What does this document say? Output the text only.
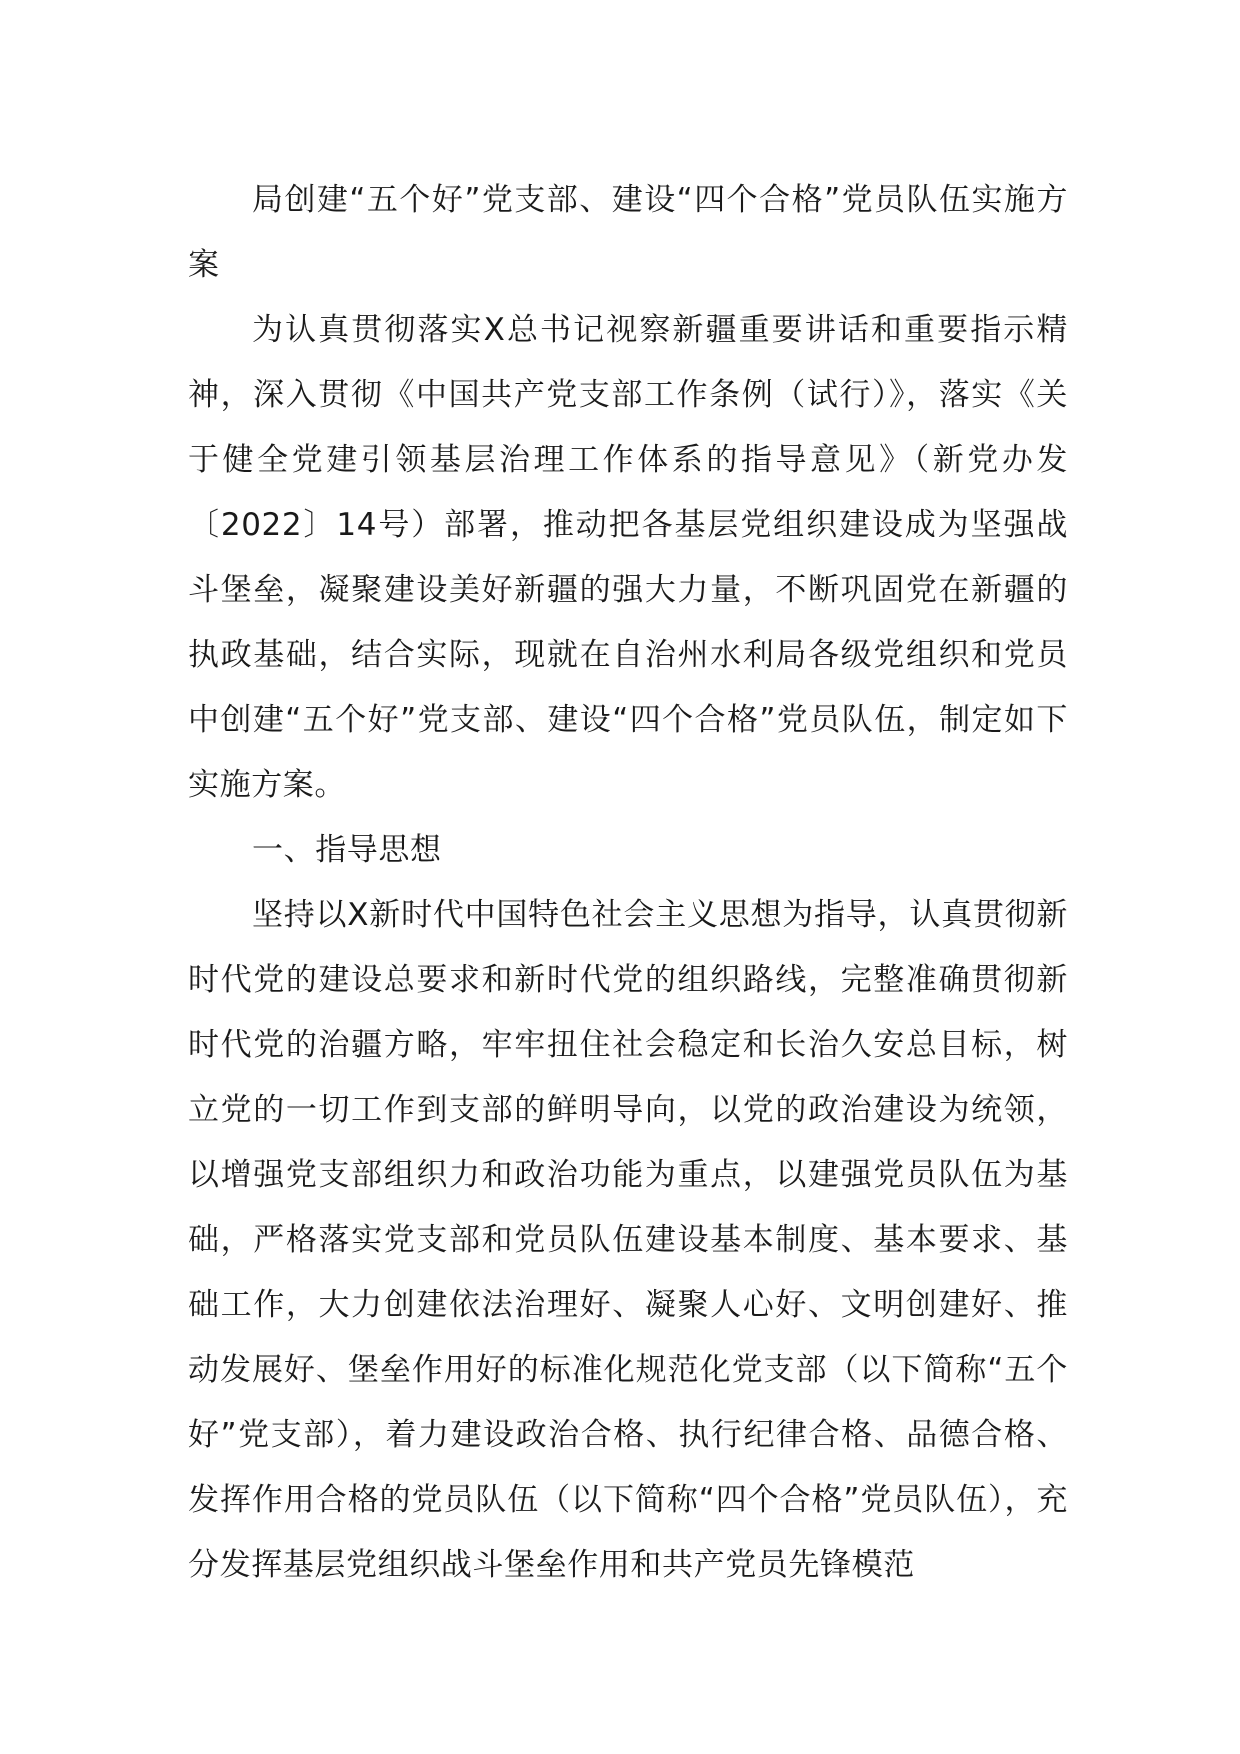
局创建“五个好”党支部、建设“四个合格”党员队伍实施方案

为认真贯彻落实Ⅹ总书记视察新疆重要讲话和重要指示精神，深入贯彻《中国共产党支部工作条例（试行）》，落实《关于健全党建引领基层治理工作体系的指导意见》（新党办发〔2022〕14号）部署，推动把各基层党组织建设成为坚强战斗堡垒，凝聚建设美好新疆的强大力量，不断巩固党在新疆的执政基础，结合实际，现就在自治州水利局各级党组织和党员中创建“五个好”党支部、建设“四个合格”党员队伍，制定如下实施方案。

一、指导思想

坚持以Ⅹ新时代中国特色社会主义思想为指导，认真贯彻新时代党的建设总要求和新时代党的组织路线，完整准确贯彻新时代党的治疆方略，牢牢扭住社会稳定和长治久安总目标，树立党的一切工作到支部的鲜明导向，以党的政治建设为统领，以增强党支部组织力和政治功能为重点，以建强党员队伍为基础，严格落实党支部和党员队伍建设基本制度、基本要求、基础工作，大力创建依法治理好、凝聚人心好、文明创建好、推动发展好、堡垒作用好的标准化规范化党支部（以下简称“五个好”党支部），着力建设政治合格、执行纪律合格、品德合格、发挥作用合格的党员队伍（以下简称“四个合格”党员队伍），充分发挥基层党组织战斗堡垒作用和共产党员先锋模范
